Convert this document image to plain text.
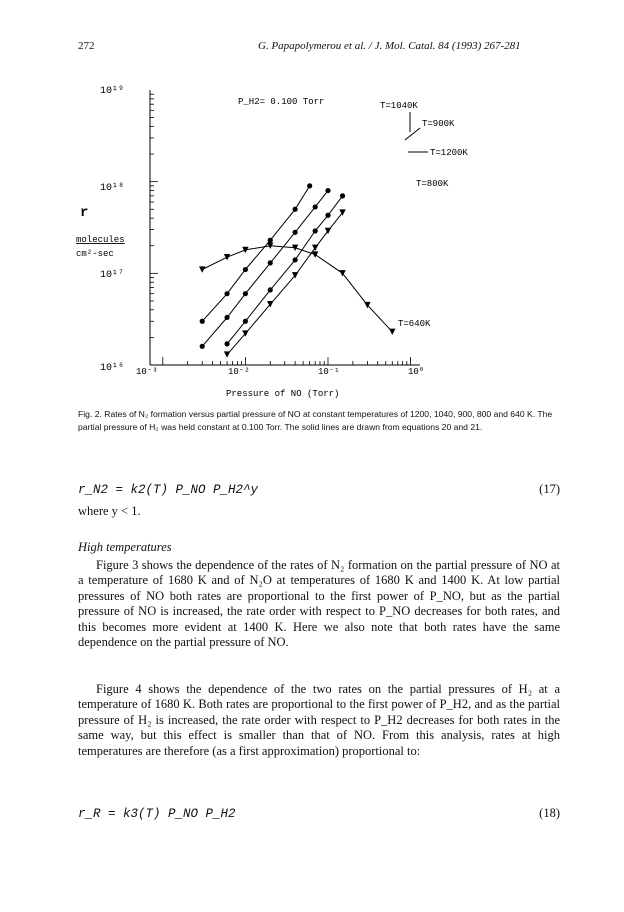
272	G. Papapolymerou et al. / J. Mol. Catal. 84 (1993) 267-281
10¹⁹
10¹⁸
10¹⁷
10¹⁶ 10⁻³	10⁻²	10⁻¹	10⁰
r
molecules
cm²-sec
Pressure of NO (Torr)
P_H2= 0.100 Torr	T=1040K
T=900K
T=1200K
T=800K
T=640K
Fig. 2. Rates of N₂ formation versus partial pressure of NO at constant temperatures of 1200, 1040, 900, 800 and 640 K. The partial pressure of H₂ was held constant at 0.100 Torr. The solid lines are drawn from equations 20 and 21.
r_N2 = k2(T) P_NO P_H2^y	(17)
where y < 1.
High temperatures

Figure 3 shows the dependence of the rates of N₂ formation on the partial pressure of NO at a temperature of 1680 K and of N₂O at temperatures of 1680 K and 1400 K. At low partial pressures of NO both rates are proportional to the first power of P_NO, but as the partial pressure of NO is increased, the rate order with respect to P_NO decreases for both rates, and this becomes more evident at 1400 K. Here we also note that both rates have the same dependence on the partial pressure of NO.

Figure 4 shows the dependence of the two rates on the partial pressures of H₂ at a temperature of 1680 K. Both rates are proportional to the first power of P_H2, and as the partial pressure of H₂ is increased, the rate order with respect to P_H2 decreases for both rates in the same way, but this effect is smaller than that of NO. From this analysis, rates at high temperatures are therefore (as a first approximation) proportional to:

r_R = k3(T) P_NO P_H2	(18)
